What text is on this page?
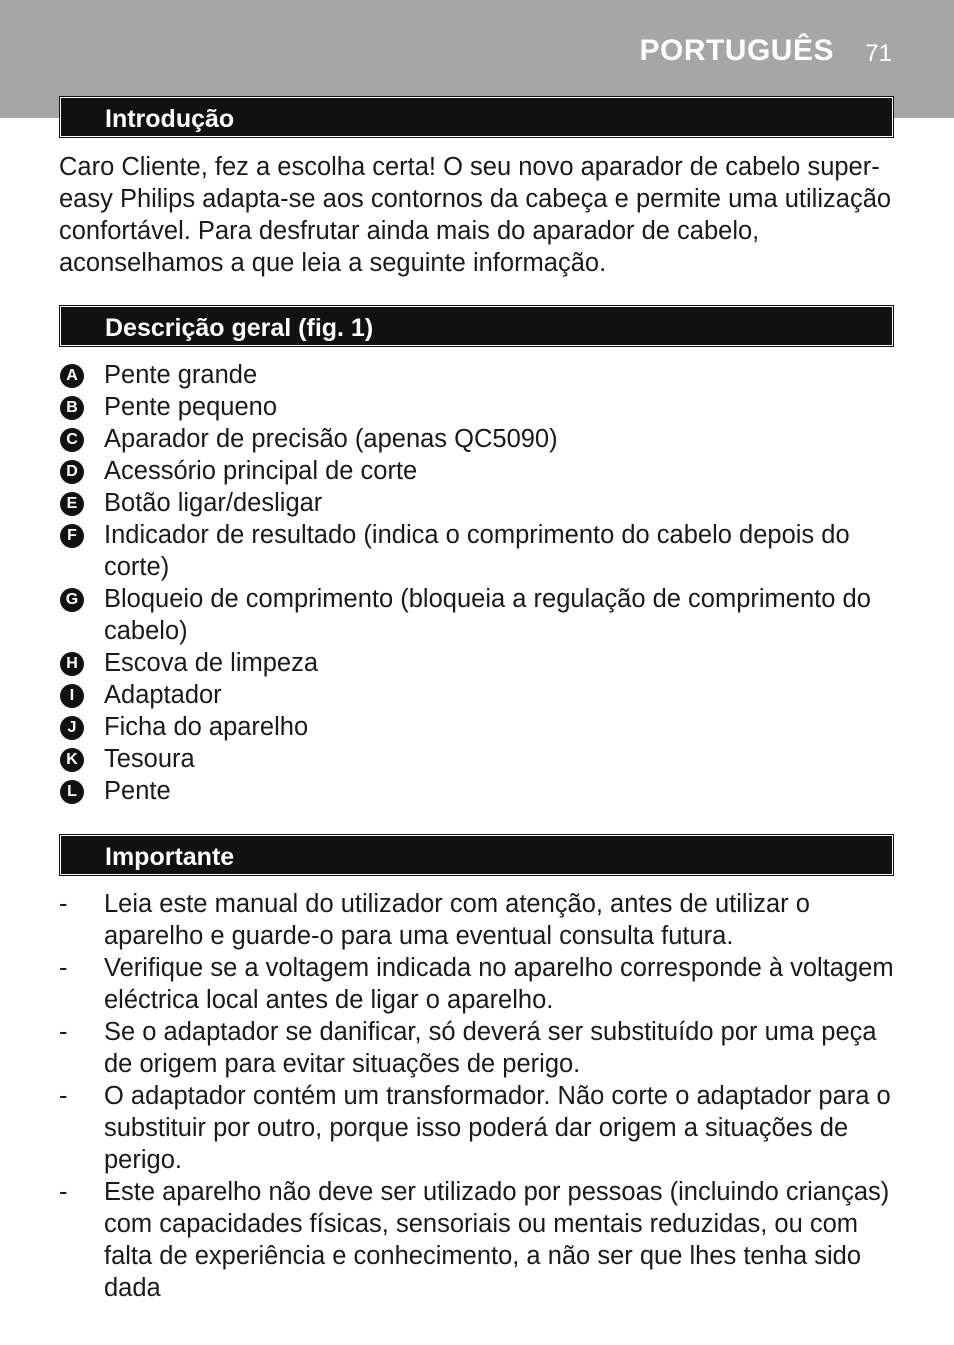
PORTUGUÊS 71
Introdução
Caro Cliente, fez a escolha certa! O seu novo aparador de cabelo super-easy Philips adapta-se aos contornos da cabeça e permite uma utilização confortável. Para desfrutar ainda mais do aparador de cabelo, aconselhamos a que leia a seguinte informação.
Descrição geral (fig. 1)
A Pente grande
B Pente pequeno
C Aparador de precisão (apenas QC5090)
D Acessório principal de corte
E Botão ligar/desligar
F Indicador de resultado (indica o comprimento do cabelo depois do corte)
G Bloqueio de comprimento (bloqueia a regulação de comprimento do cabelo)
H Escova de limpeza
I	Adaptador
J Ficha do aparelho
K Tesoura
L Pente
Importante
- Leia este manual do utilizador com atenção, antes de utilizar o aparelho e guarde-o para uma eventual consulta futura.
- Verifique se a voltagem indicada no aparelho corresponde à voltagem eléctrica local antes de ligar o aparelho.
- Se o adaptador se danificar, só deverá ser substituído por uma peça de origem para evitar situações de perigo.
- O adaptador contém um transformador. Não corte o adaptador para o substituir por outro, porque isso poderá dar origem a situações de perigo.
- Este aparelho não deve ser utilizado por pessoas (incluindo crianças) com capacidades físicas, sensoriais ou mentais reduzidas, ou com falta de experiência e conhecimento, a não ser que lhes tenha sido dada
